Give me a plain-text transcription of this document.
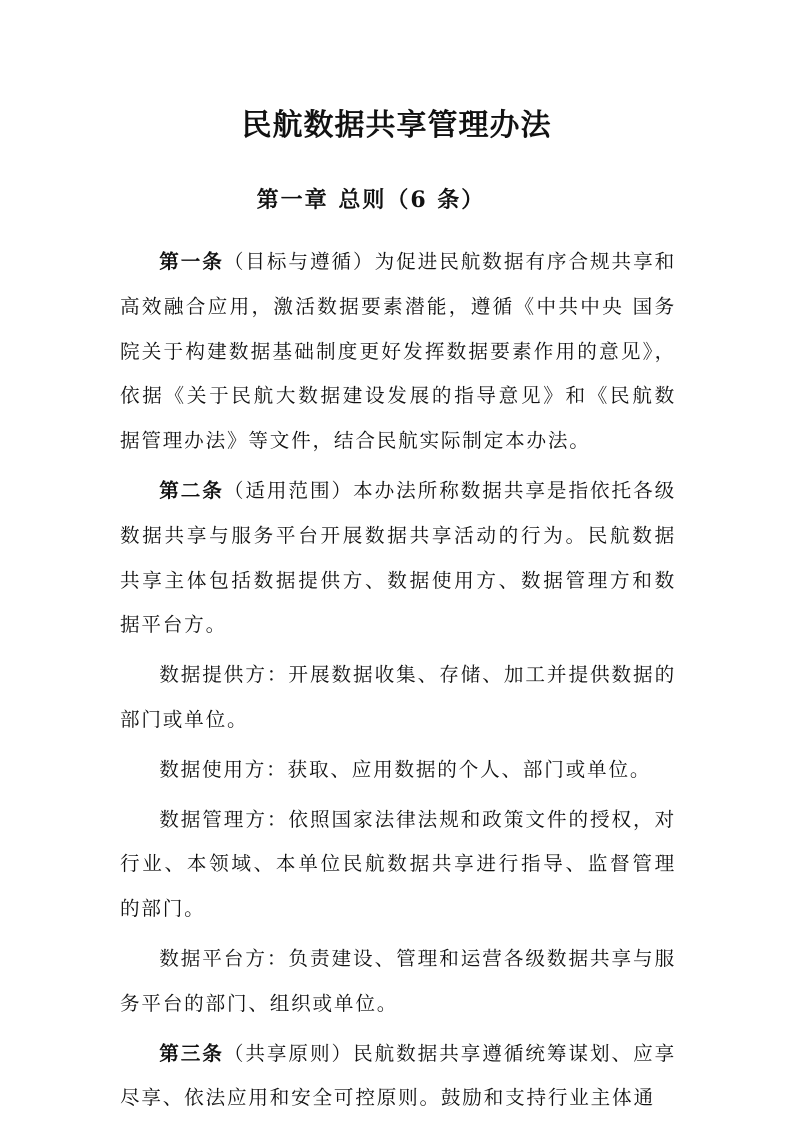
民航数据共享管理办法
第一章 总则（6 条）

第一条（目标与遵循）为促进民航数据有序合规共享和高效融合应用，激活数据要素潜能，遵循《中共中央 国务院关于构建数据基础制度更好发挥数据要素作用的意见》，依据《关于民航大数据建设发展的指导意见》和《民航数据管理办法》等文件，结合民航实际制定本办法。

第二条（适用范围）本办法所称数据共享是指依托各级数据共享与服务平台开展数据共享活动的行为。民航数据共享主体包括数据提供方、数据使用方、数据管理方和数据平台方。

数据提供方：开展数据收集、存储、加工并提供数据的部门或单位。

数据使用方：获取、应用数据的个人、部门或单位。

数据管理方：依照国家法律法规和政策文件的授权，对行业、本领域、本单位民航数据共享进行指导、监督管理的部门。

数据平台方：负责建设、管理和运营各级数据共享与服务平台的部门、组织或单位。

第三条（共享原则）民航数据共享遵循统筹谋划、应享尽享、依法应用和安全可控原则。鼓励和支持行业主体通
